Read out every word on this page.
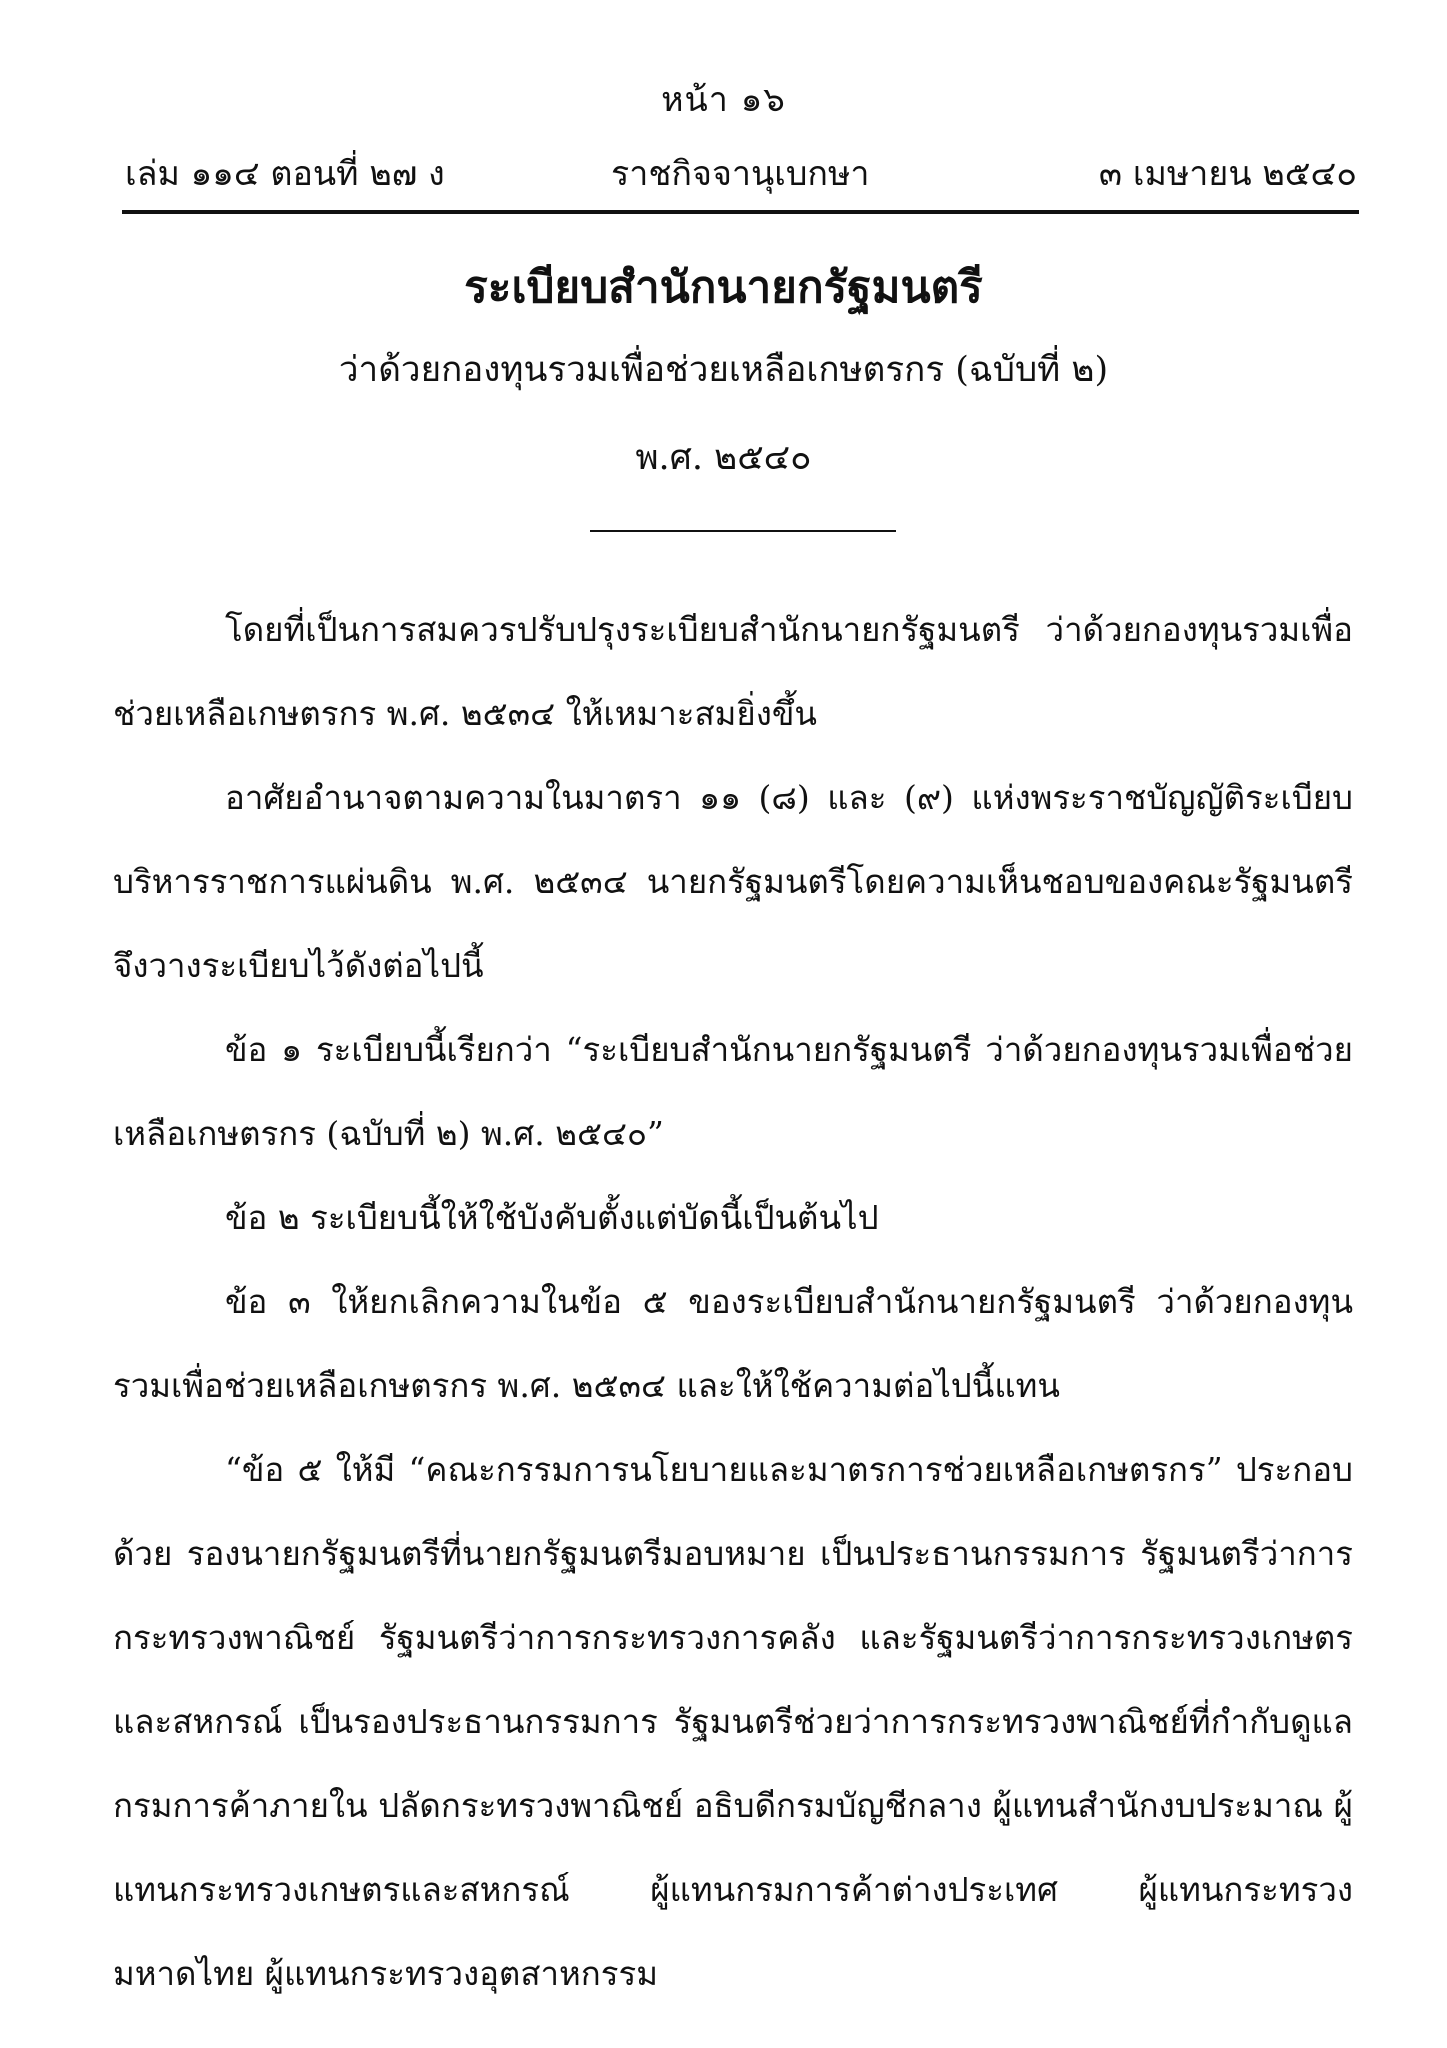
หน้า ๑๖
เล่ม ๑๑๔ ตอนที่ ๒๗ ง	ราชกิจจานุเบกษา	๓ เมษายน ๒๕๔๐
ระเบียบสำนักนายกรัฐมนตรี
ว่าด้วยกองทุนรวมเพื่อช่วยเหลือเกษตรกร (ฉบับที่ ๒)
พ.ศ. ๒๕๔๐

โดยที่เป็นการสมควรปรับปรุงระเบียบสำนักนายกรัฐมนตรี ว่าด้วยกองทุนรวมเพื่อช่วยเหลือเกษตรกร พ.ศ. ๒๕๓๔ ให้เหมาะสมยิ่งขึ้น

อาศัยอำนาจตามความในมาตรา ๑๑ (๘) และ (๙) แห่งพระราชบัญญัติระเบียบบริหารราชการแผ่นดิน พ.ศ. ๒๕๓๔ นายกรัฐมนตรีโดยความเห็นชอบของคณะรัฐมนตรี จึงวางระเบียบไว้ดังต่อไปนี้

ข้อ ๑ ระเบียบนี้เรียกว่า “ระเบียบสำนักนายกรัฐมนตรี ว่าด้วยกองทุนรวมเพื่อช่วยเหลือเกษตรกร (ฉบับที่ ๒) พ.ศ. ๒๕๔๐”

ข้อ ๒ ระเบียบนี้ให้ใช้บังคับตั้งแต่บัดนี้เป็นต้นไป

ข้อ ๓ ให้ยกเลิกความในข้อ ๕ ของระเบียบสำนักนายกรัฐมนตรี ว่าด้วยกองทุนรวมเพื่อช่วยเหลือเกษตรกร พ.ศ. ๒๕๓๔ และให้ใช้ความต่อไปนี้แทน

“ข้อ ๕ ให้มี “คณะกรรมการนโยบายและมาตรการช่วยเหลือเกษตรกร” ประกอบด้วย รองนายกรัฐมนตรีที่นายกรัฐมนตรีมอบหมาย เป็นประธานกรรมการ รัฐมนตรีว่าการกระทรวงพาณิชย์ รัฐมนตรีว่าการกระทรวงการคลัง และรัฐมนตรีว่าการกระทรวงเกษตรและสหกรณ์ เป็นรองประธานกรรมการ รัฐมนตรีช่วยว่าการกระทรวงพาณิชย์ที่กำกับดูแลกรมการค้าภายใน ปลัดกระทรวงพาณิชย์ อธิบดีกรมบัญชีกลาง ผู้แทนสำนักงบประมาณ ผู้แทนกระทรวงเกษตรและสหกรณ์ ผู้แทนกรมการค้าต่างประเทศ ผู้แทนกระทรวงมหาดไทย ผู้แทนกระทรวงอุตสาหกรรม
